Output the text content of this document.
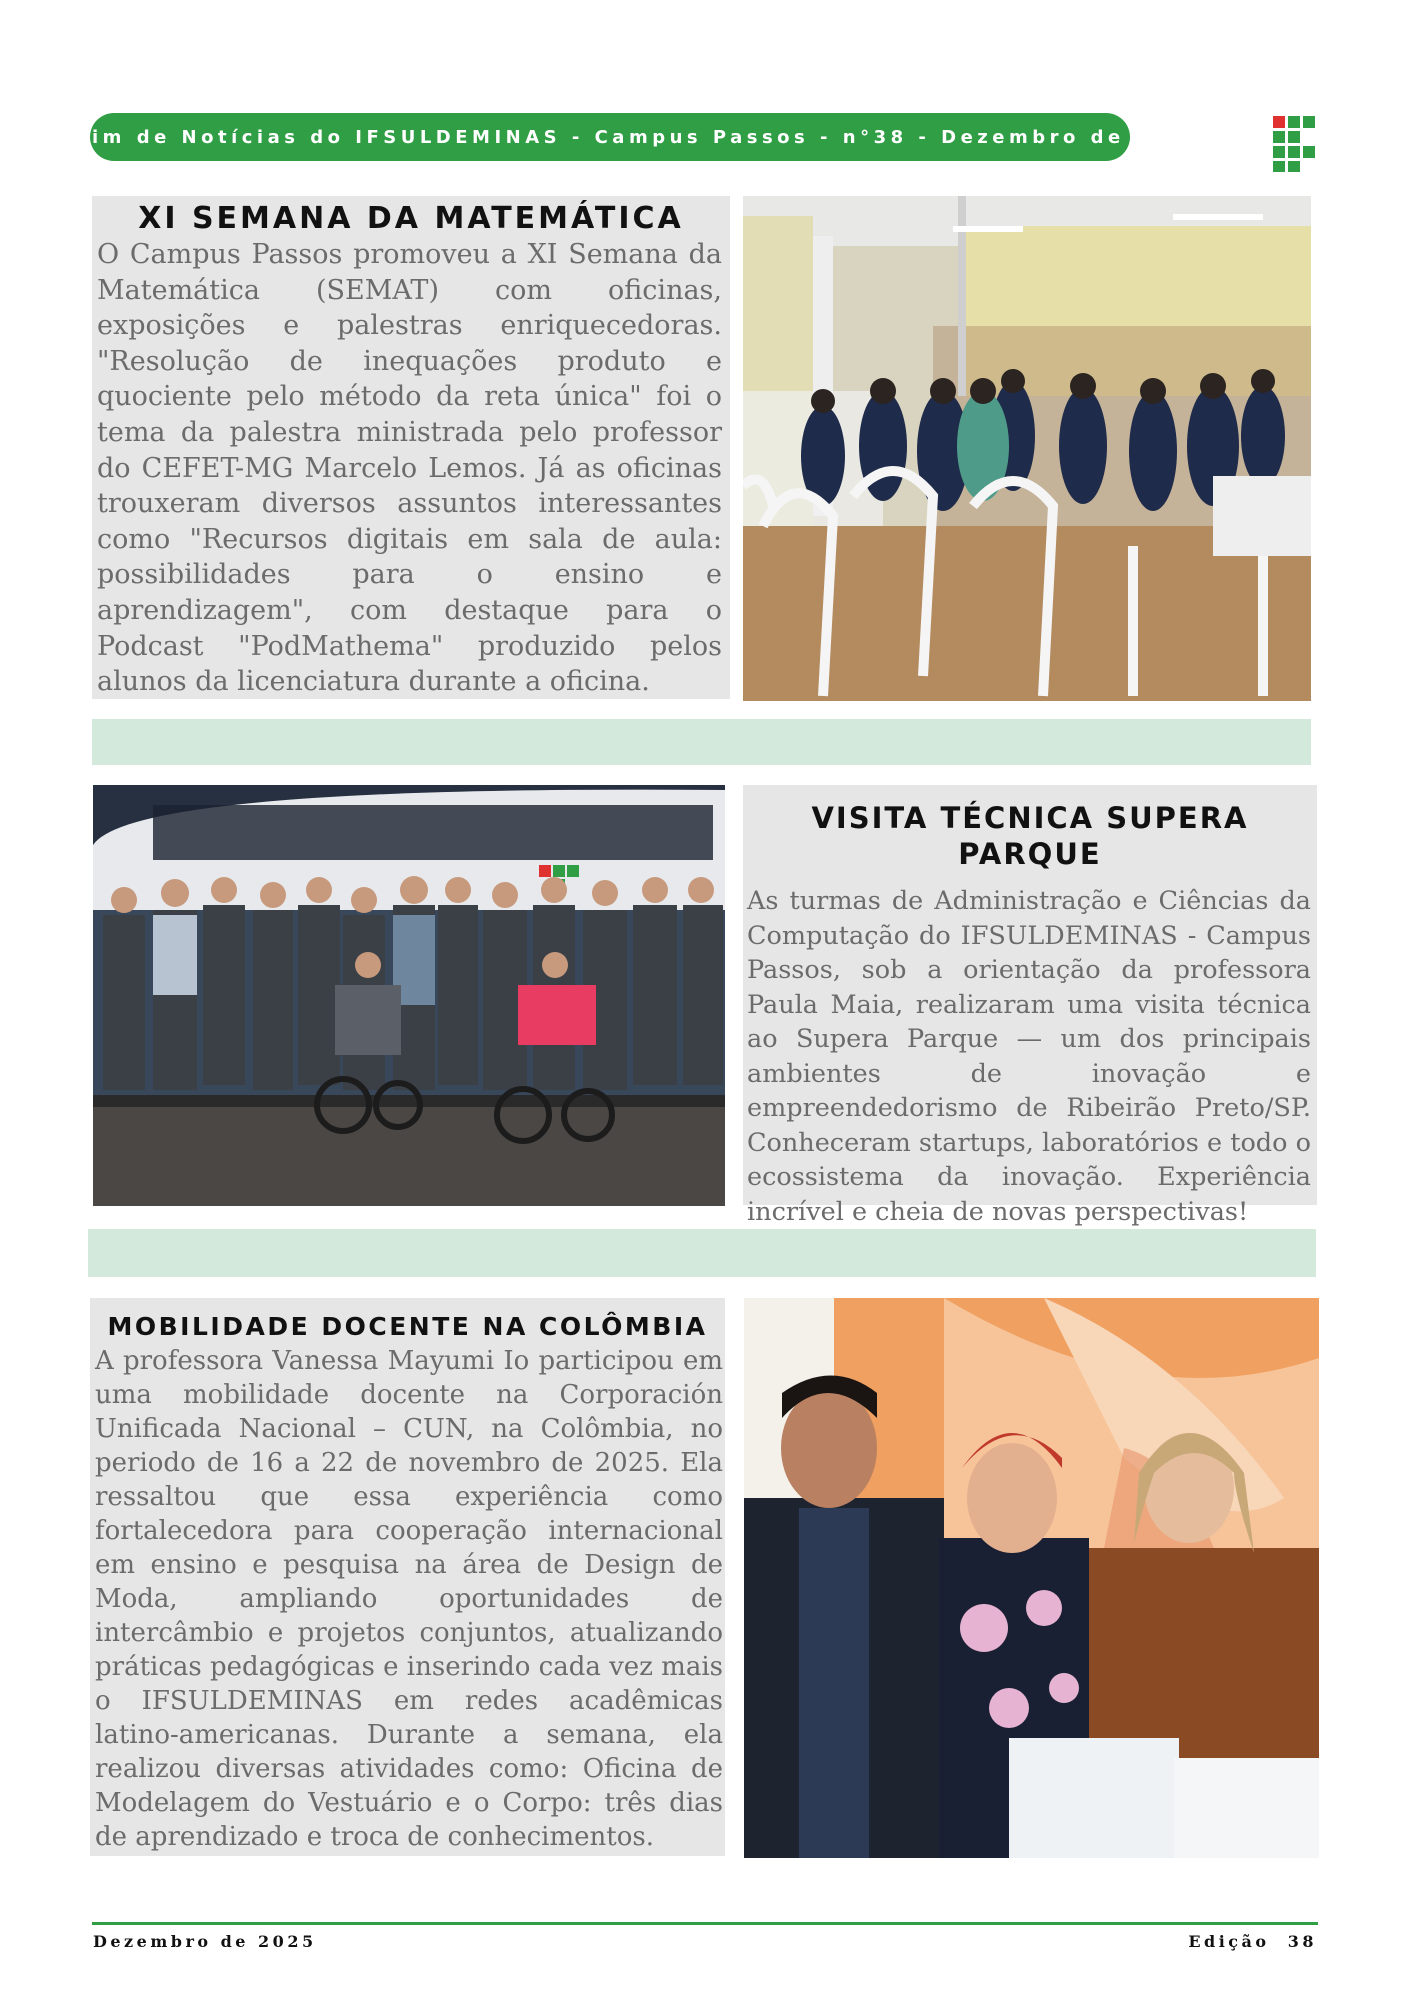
Boletim de Notícias do IFSULDEMINAS - Campus Passos - n°38 - Dezembro de 2025
XI SEMANA DA MATEMÁTICA

O Campus Passos promoveu a XI Semana da Matemática (SEMAT) com oficinas, exposições e palestras enriquecedoras. "Resolução de inequações produto e quociente pelo método da reta única" foi o tema da palestra ministrada pelo professor do CEFET-MG Marcelo Lemos. Já as oficinas trouxeram diversos assuntos interessantes como "Recursos digitais em sala de aula: possibilidades para o ensino e aprendizagem", com destaque para o Podcast "PodMathema" produzido pelos alunos da licenciatura durante a oficina.

VISITA TÉCNICA SUPERA PARQUE

As turmas de Administração e Ciências da Computação do IFSULDEMINAS - Campus Passos, sob a orientação da professora Paula Maia, realizaram uma visita técnica ao Supera Parque — um dos principais ambientes de inovação e empreendedorismo de Ribeirão Preto/SP. Conheceram startups, laboratórios e todo o ecossistema da inovação. Experiência incrível e cheia de novas perspectivas!

MOBILIDADE DOCENTE NA COLÔMBIA

A professora Vanessa Mayumi Io participou em uma mobilidade docente na Corporación Unificada Nacional – CUN, na Colômbia, no periodo de 16 a 22 de novembro de 2025. Ela ressaltou que essa experiência como fortalecedora para cooperação internacional em ensino e pesquisa na área de Design de Moda, ampliando oportunidades de intercâmbio e projetos conjuntos, atualizando práticas pedagógicas e inserindo cada vez mais o IFSULDEMINAS em redes acadêmicas latino-americanas. Durante a semana, ela realizou diversas atividades como: Oficina de Modelagem do Vestuário e o Corpo: três dias de aprendizado e troca de conhecimentos.

Dezembro de 2025	Edição  38
